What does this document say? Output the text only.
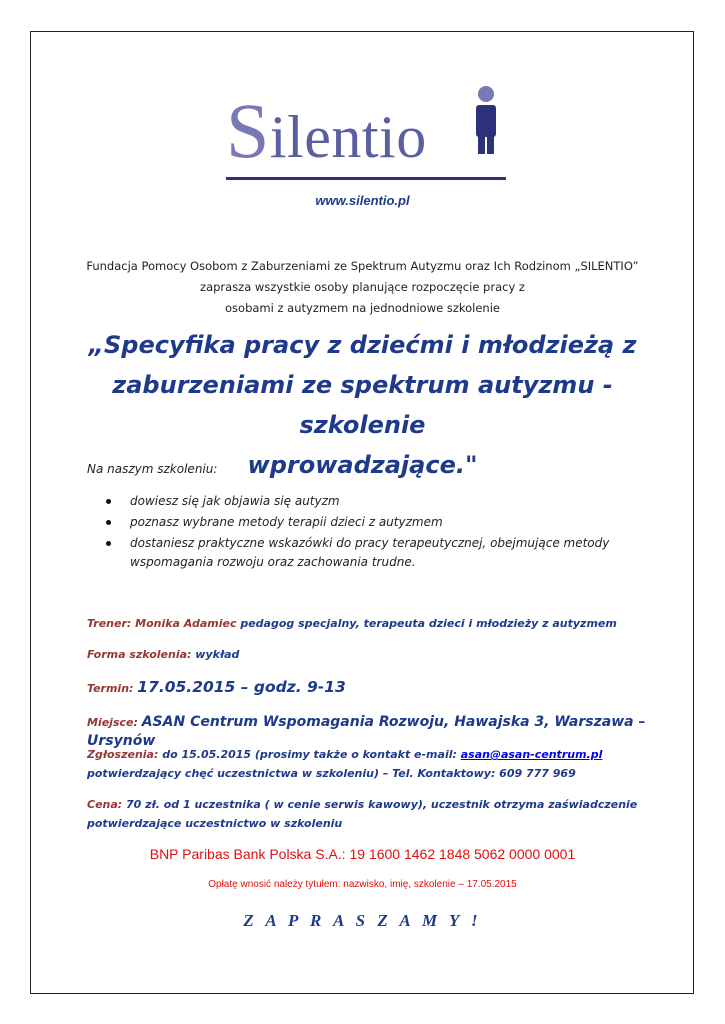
Silentio
www.silentio.pl
Fundacja Pomocy Osobom z Zaburzeniami ze Spektrum Autyzmu oraz Ich Rodzinom „SILENTIO”
zaprasza wszystkie osoby planujące rozpoczęcie pracy z
osobami z autyzmem na jednodniowe szkolenie
„Specyfika pracy z dziećmi i młodzieżą z
zaburzeniami ze spektrum autyzmu - szkolenie
wprowadzające."
Na naszym szkoleniu:
dowiesz się jak objawia się autyzm
poznasz wybrane metody terapii dzieci z autyzmem
dostaniesz praktyczne wskazówki do pracy terapeutycznej, obejmujące metody wspomagania rozwoju oraz zachowania trudne.
Trener: Monika Adamiec pedagog specjalny, terapeuta dzieci i młodzieży z autyzmem
Forma szkolenia: wykład
Termin: 17.05.2015 – godz. 9-13
Miejsce: ASAN Centrum Wspomagania Rozwoju, Hawajska 3, Warszawa – Ursynów
Zgłoszenia: do 15.05.2015 (prosimy także o kontakt e-mail: asan@asan-centrum.pl potwierdzający chęć uczestnictwa w szkoleniu) – Tel. Kontaktowy: 609 777 969
Cena: 70 zł. od 1 uczestnika ( w cenie serwis kawowy), uczestnik otrzyma zaświadczenie potwierdzające uczestnictwo w szkoleniu
BNP Paribas Bank Polska S.A.: 19 1600 1462 1848 5062 0000 0001
Opłatę wnosić należy tytułem: nazwisko, imię, szkolenie – 17.05.2015
Z A P R A S Z A M Y !
